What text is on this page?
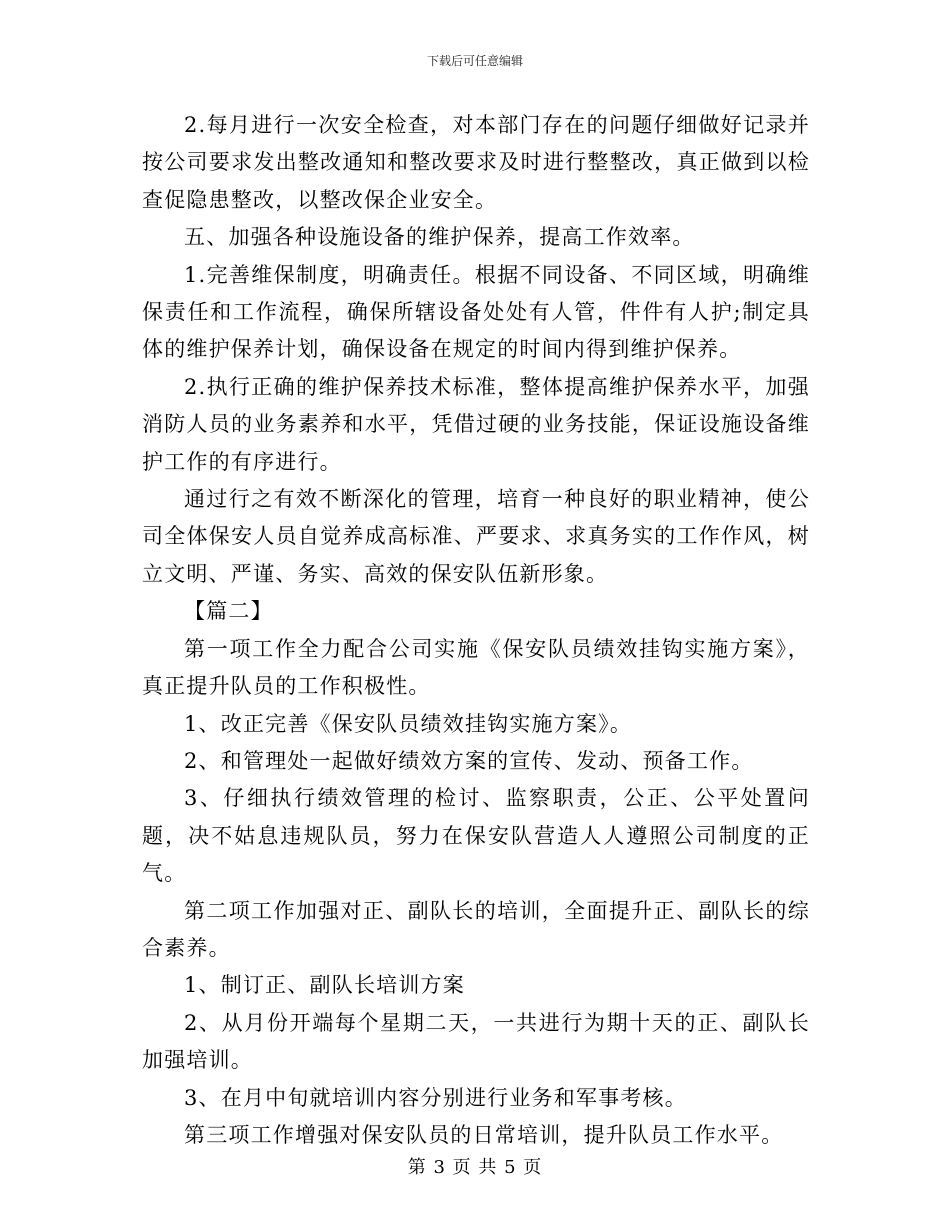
下载后可任意编辑

2.每月进行一次安全检查，对本部门存在的问题仔细做好记录并按公司要求发出整改通知和整改要求及时进行整整改，真正做到以检查促隐患整改，以整改保企业安全。

五、加强各种设施设备的维护保养，提高工作效率。

1.完善维保制度，明确责任。根据不同设备、不同区域，明确维保责任和工作流程，确保所辖设备处处有人管，件件有人护;制定具体的维护保养计划，确保设备在规定的时间内得到维护保养。

2.执行正确的维护保养技术标准，整体提高维护保养水平，加强消防人员的业务素养和水平，凭借过硬的业务技能，保证设施设备维护工作的有序进行。

通过行之有效不断深化的管理，培育一种良好的职业精神，使公司全体保安人员自觉养成高标准、严要求、求真务实的工作作风，树立文明、严谨、务实、高效的保安队伍新形象。

【篇二】

第一项工作全力配合公司实施《保安队员绩效挂钩实施方案》，真正提升队员的工作积极性。

1、改正完善《保安队员绩效挂钩实施方案》。

2、和管理处一起做好绩效方案的宣传、发动、预备工作。

3、仔细执行绩效管理的检讨、监察职责，公正、公平处置问题，决不姑息违规队员，努力在保安队营造人人遵照公司制度的正气。

第二项工作加强对正、副队长的培训，全面提升正、副队长的综合素养。

1、制订正、副队长培训方案

2、从月份开端每个星期二天，一共进行为期十天的正、副队长加强培训。

3、在月中旬就培训内容分别进行业务和军事考核。

第三项工作增强对保安队员的日常培训，提升队员工作水平。

第 3 页 共 5 页
